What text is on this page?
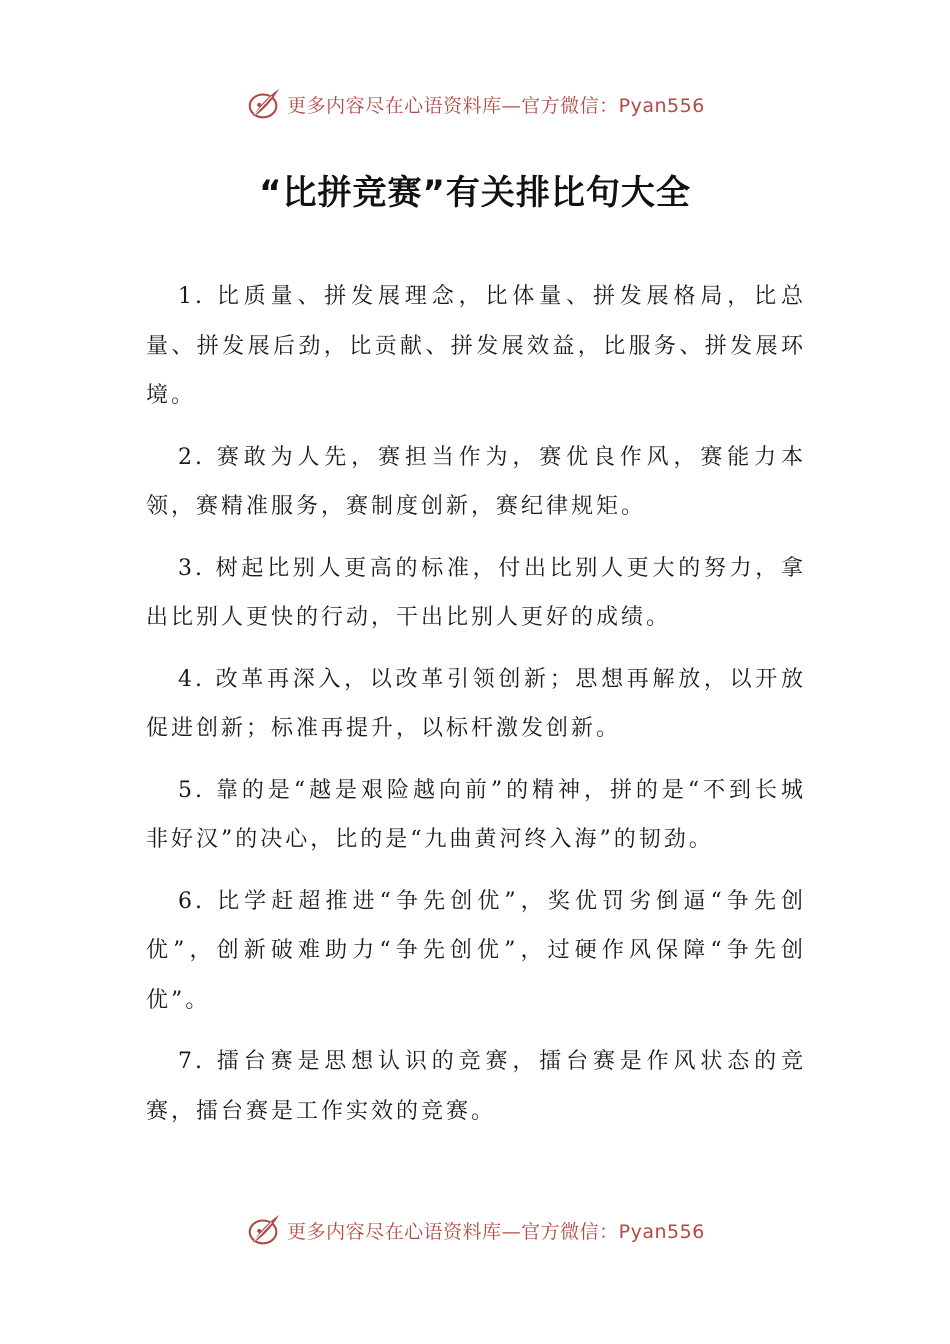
更多内容尽在心语资料库—官方微信：Pyan556
“比拼竞赛”有关排比句大全

1. 比质量、拼发展理念，比体量、拼发展格局，比总量、拼发展后劲，比贡献、拼发展效益，比服务、拼发展环境。

2. 赛敢为人先，赛担当作为，赛优良作风，赛能力本领，赛精准服务，赛制度创新，赛纪律规矩。

3. 树起比别人更高的标准，付出比别人更大的努力，拿出比别人更快的行动，干出比别人更好的成绩。

4. 改革再深入，以改革引领创新；思想再解放，以开放促进创新；标准再提升，以标杆激发创新。

5. 靠的是“越是艰险越向前”的精神，拼的是“不到长城非好汉”的决心，比的是“九曲黄河终入海”的韧劲。

6. 比学赶超推进“争先创优”，奖优罚劣倒逼“争先创优”，创新破难助力“争先创优”，过硬作风保障“争先创优”。

7. 擂台赛是思想认识的竞赛，擂台赛是作风状态的竞赛，擂台赛是工作实效的竞赛。

更多内容尽在心语资料库—官方微信：Pyan556
